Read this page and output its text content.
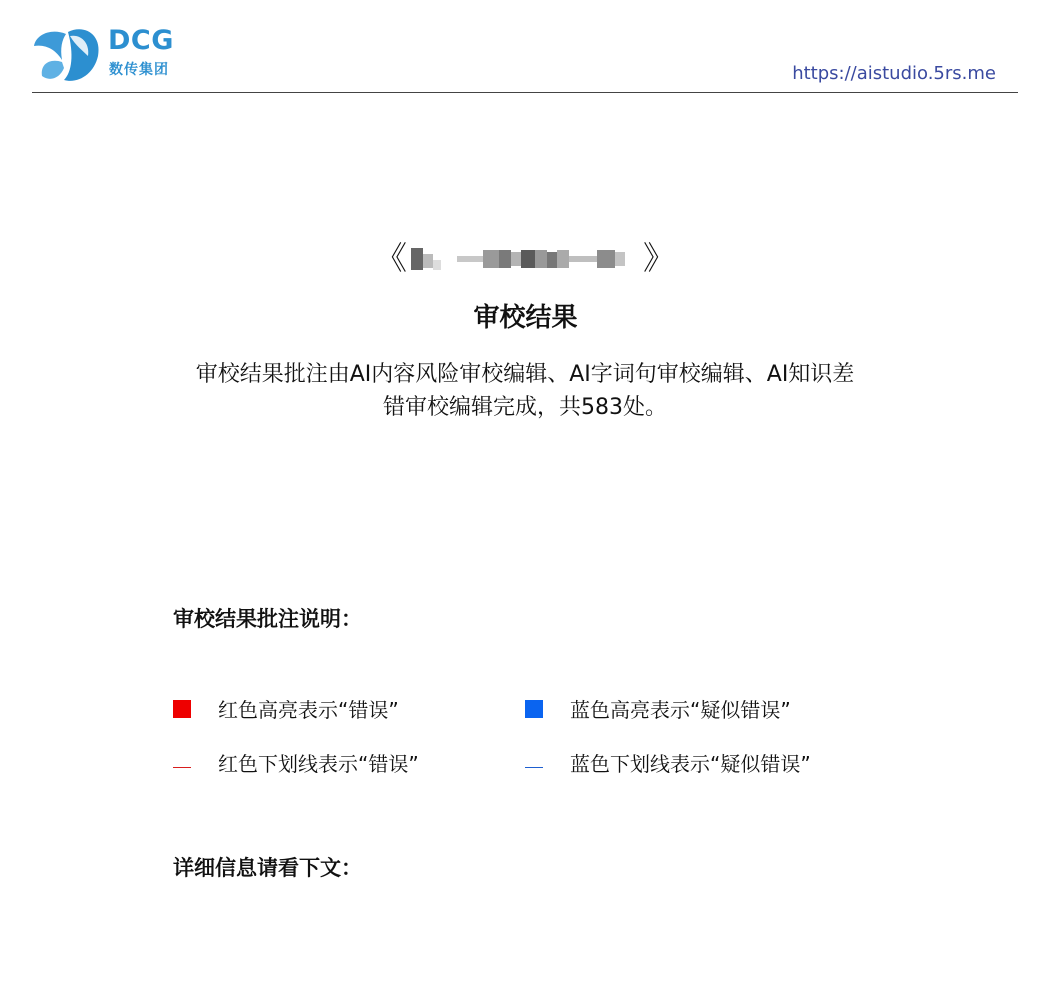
DCG
数传集团	https://aistudio.5rs.me
《	》
审校结果
审校结果批注由AI内容风险审校编辑、AI字词句审校编辑、AI知识差错审校编辑完成，共583处。
审校结果批注说明：
红色高亮表示“错误”	蓝色高亮表示“疑似错误”
红色下划线表示“错误”	蓝色下划线表示“疑似错误”
详细信息请看下文：
